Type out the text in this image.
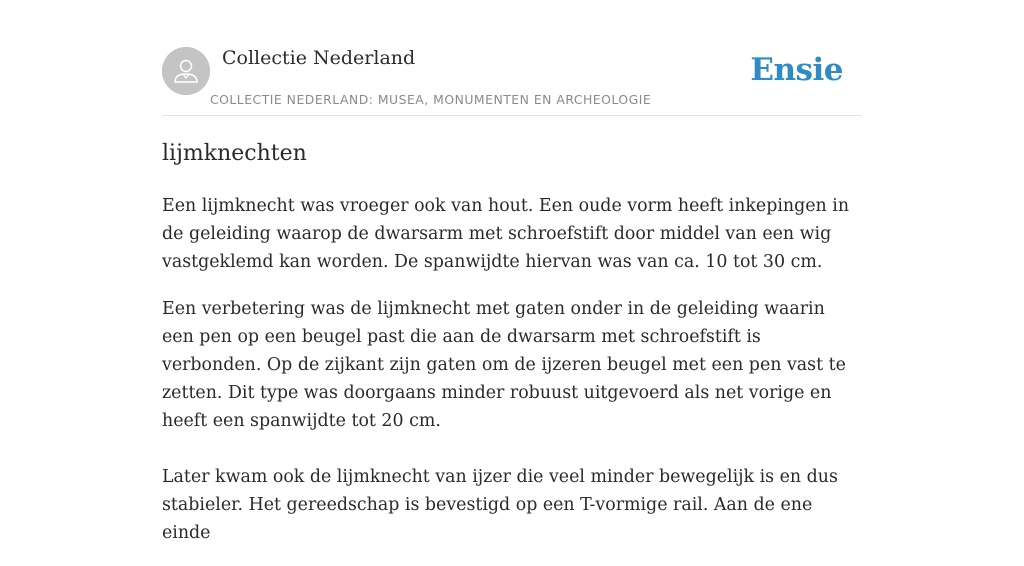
Collectie Nederland
COLLECTIE NEDERLAND: MUSEA, MONUMENTEN EN ARCHEOLOGIE
Ensie
lijmknechten

Een lijmknecht was vroeger ook van hout. Een oude vorm heeft inkepingen in de geleiding waarop de dwarsarm met schroefstift door middel van een wig vastgeklemd kan worden. De spanwijdte hiervan was van ca. 10 tot 30 cm.

Een verbetering was de lijmknecht met gaten onder in de geleiding waarin een pen op een beugel past die aan de dwarsarm met schroefstift is verbonden. Op de zijkant zijn gaten om de ijzeren beugel met een pen vast te zetten. Dit type was doorgaans minder robuust uitgevoerd als net vorige en heeft een spanwijdte tot 20 cm.

Later kwam ook de lijmknecht van ijzer die veel minder bewegelijk is en dus stabieler. Het gereedschap is bevestigd op een T-vormige rail. Aan de ene einde
